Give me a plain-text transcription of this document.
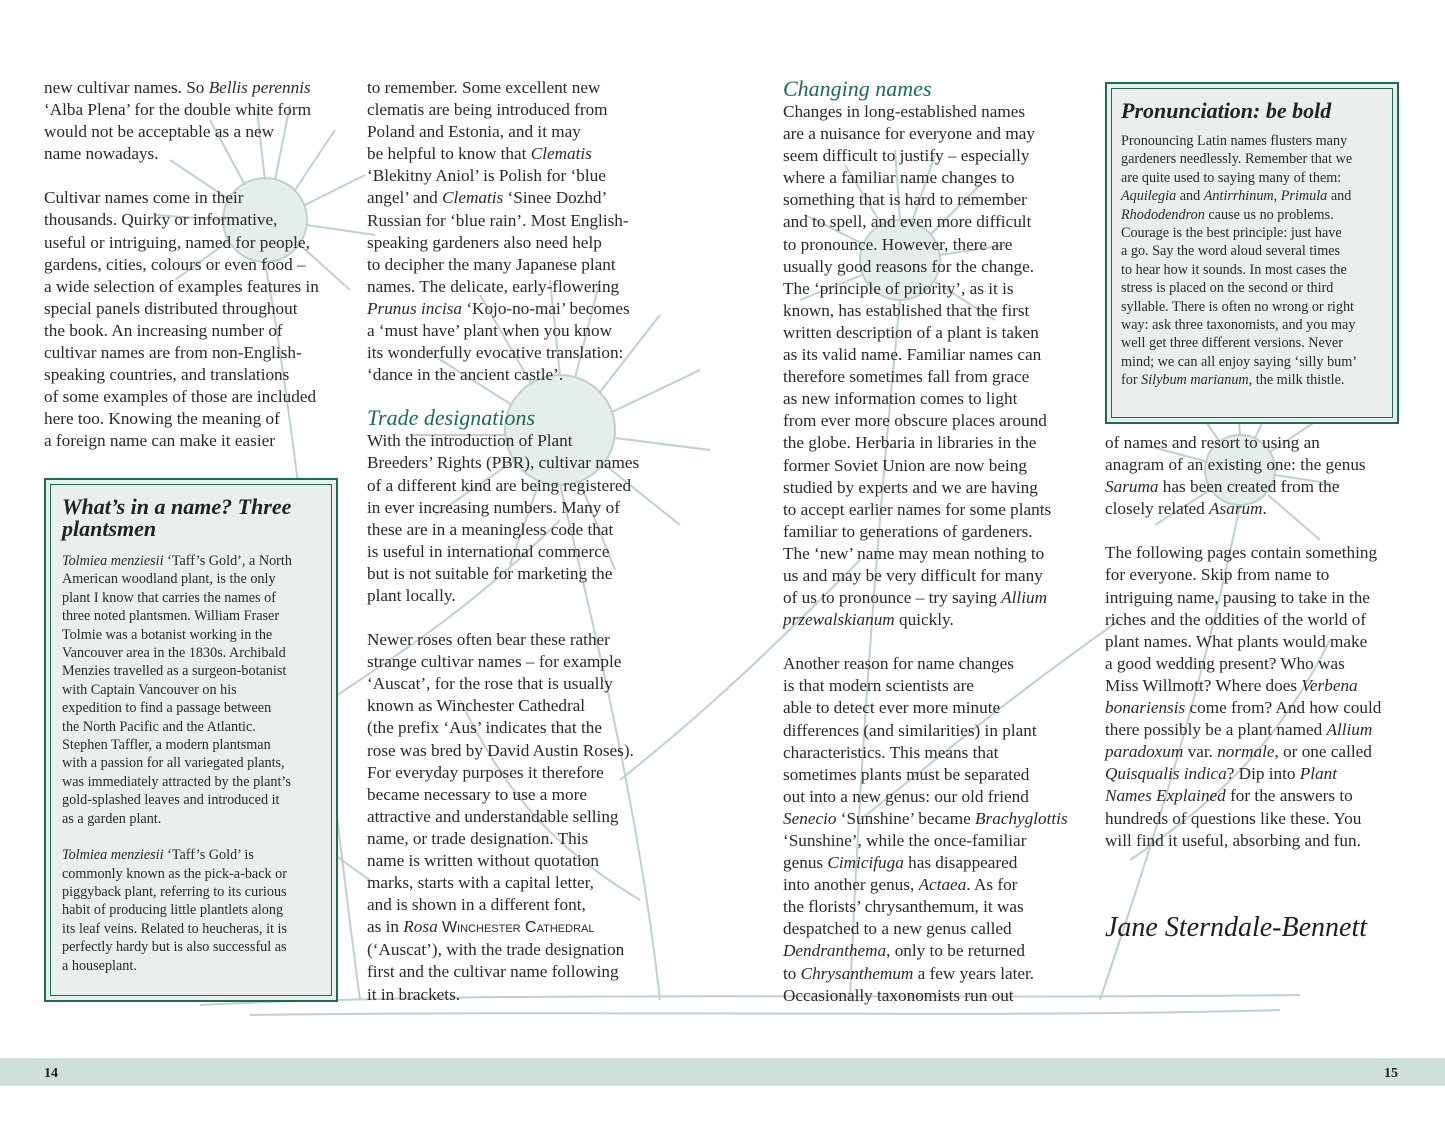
new cultivar names. So Bellis perennis
‘Alba Plena’ for the double white form
would not be acceptable as a new
name nowadays.

Cultivar names come in their
thousands. Quirky or informative,
useful or intriguing, named for people,
gardens, cities, colours or even food –
a wide selection of examples features in
special panels distributed throughout
the book. An increasing number of
cultivar names are from non-English-
speaking countries, and translations
of some examples of those are included
here too. Knowing the meaning of
a foreign name can make it easier

What’s in a name? Three
plantsmen

Tolmiea menziesii ‘Taff’s Gold’, a North
American woodland plant, is the only
plant I know that carries the names of
three noted plantsmen. William Fraser
Tolmie was a botanist working in the
Vancouver area in the 1830s. Archibald
Menzies travelled as a surgeon-botanist
with Captain Vancouver on his
expedition to find a passage between
the North Pacific and the Atlantic.
Stephen Taffler, a modern plantsman
with a passion for all variegated plants,
was immediately attracted by the plant’s
gold-splashed leaves and introduced it
as a garden plant.

Tolmiea menziesii ‘Taff’s Gold’ is
commonly known as the pick-a-back or
piggyback plant, referring to its curious
habit of producing little plantlets along
its leaf veins. Related to heucheras, it is
perfectly hardy but is also successful as
a houseplant.

to remember. Some excellent new
clematis are being introduced from
Poland and Estonia, and it may
be helpful to know that Clematis
‘Blekitny Aniol’ is Polish for ‘blue
angel’ and Clematis ‘Sinee Dozhd’
Russian for ‘blue rain’. Most English-
speaking gardeners also need help
to decipher the many Japanese plant
names. The delicate, early-flowering
Prunus incisa ‘Kojo-no-mai’ becomes
a ‘must have’ plant when you know
its wonderfully evocative translation:
‘dance in the ancient castle’.

Trade designations

With the introduction of Plant
Breeders’ Rights (PBR), cultivar names
of a different kind are being registered
in ever increasing numbers. Many of
these are in a meaningless code that
is useful in international commerce
but is not suitable for marketing the
plant locally.

Newer roses often bear these rather
strange cultivar names – for example
‘Auscat’, for the rose that is usually
known as Winchester Cathedral
(the prefix ‘Aus’ indicates that the
rose was bred by David Austin Roses).
For everyday purposes it therefore
became necessary to use a more
attractive and understandable selling
name, or trade designation. This
name is written without quotation
marks, starts with a capital letter,
and is shown in a different font,
as in Rosa Winchester Cathedral
(‘Auscat’), with the trade designation
first and the cultivar name following
it in brackets.

Changing names

Changes in long-established names
are a nuisance for everyone and may
seem difficult to justify – especially
where a familiar name changes to
something that is hard to remember
and to spell, and even more difficult
to pronounce. However, there are
usually good reasons for the change.
The ‘principle of priority’, as it is
known, has established that the first
written description of a plant is taken
as its valid name. Familiar names can
therefore sometimes fall from grace
as new information comes to light
from ever more obscure places around
the globe. Herbaria in libraries in the
former Soviet Union are now being
studied by experts and we are having
to accept earlier names for some plants
familiar to generations of gardeners.
The ‘new’ name may mean nothing to
us and may be very difficult for many
of us to pronounce – try saying Allium
przewalskianum quickly.

Another reason for name changes
is that modern scientists are
able to detect ever more minute
differences (and similarities) in plant
characteristics. This means that
sometimes plants must be separated
out into a new genus: our old friend
Senecio ‘Sunshine’ became Brachyglottis
‘Sunshine’, while the once-familiar
genus Cimicifuga has disappeared
into another genus, Actaea. As for
the florists’ chrysanthemum, it was
despatched to a new genus called
Dendranthema, only to be returned
to Chrysanthemum a few years later.
Occasionally taxonomists run out

Pronunciation: be bold
Pronouncing Latin names flusters many
gardeners needlessly. Remember that we
are quite used to saying many of them:
Aquilegia and Antirrhinum, Primula and
Rhododendron cause us no problems.
Courage is the best principle: just have
a go. Say the word aloud several times
to hear how it sounds. In most cases the
stress is placed on the second or third
syllable. There is often no wrong or right
way: ask three taxonomists, and you may
well get three different versions. Never
mind; we can all enjoy saying ‘silly bum’
for Silybum marianum, the milk thistle.

of names and resort to using an
anagram of an existing one: the genus
Saruma has been created from the
closely related Asarum.

The following pages contain something
for everyone. Skip from name to
intriguing name, pausing to take in the
riches and the oddities of the world of
plant names. What plants would make
a good wedding present? Who was
Miss Willmott? Where does Verbena
bonariensis come from? And how could
there possibly be a plant named Allium
paradoxum var. normale, or one called
Quisqualis indica? Dip into Plant
Names Explained for the answers to
hundreds of questions like these. You
will find it useful, absorbing and fun.

Jane Sterndale-Bennett
14	15
